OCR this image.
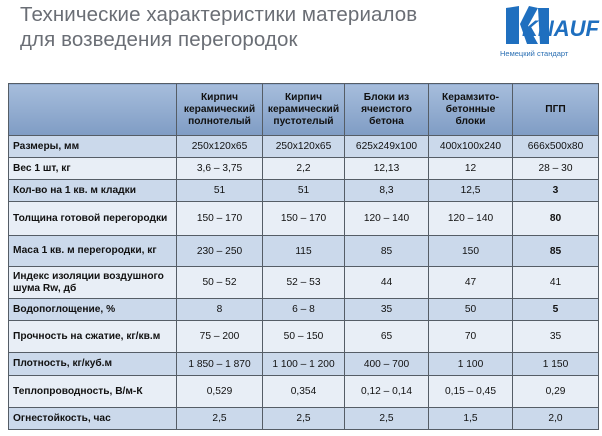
Технические характеристики материалов
для возведения перегородок	KNAUF
Немецкий стандарт
	Кирпич керамический полнотелый	Кирпич керамический пустотелый	Блоки из ячеистого бетона	Керамзито-бетонные блоки	ПГП
Размеры, мм	250x120x65	250x120x65	625x249x100	400x100x240	666x500x80
Вес 1 шт, кг	3,6 – 3,75	2,2	12,13	12	28 – 30
Кол-во на 1 кв. м кладки	51	51	8,3	12,5	3
Толщина готовой перегородки	150 – 170	150 – 170	120 – 140	120 – 140	80
Маса 1 кв. м перегородки, кг	230 – 250	115	85	150	85
Индекс изоляции воздушного шума Rw, дб	50 – 52	52 – 53	44	47	41
Водопоглощение, %	8	6 – 8	35	50	5
Прочность на сжатие, кг/кв.м	75 – 200	50 – 150	65	70	35
Плотность, кг/куб.м	1 850 – 1 870	1 100 – 1 200	400 – 700	1 100	1 150
Теплопроводность, В/м-К	0,529	0,354	0,12 – 0,14	0,15 – 0,45	0,29
Огнестойкость, час	2,5	2,5	2,5	1,5	2,0
